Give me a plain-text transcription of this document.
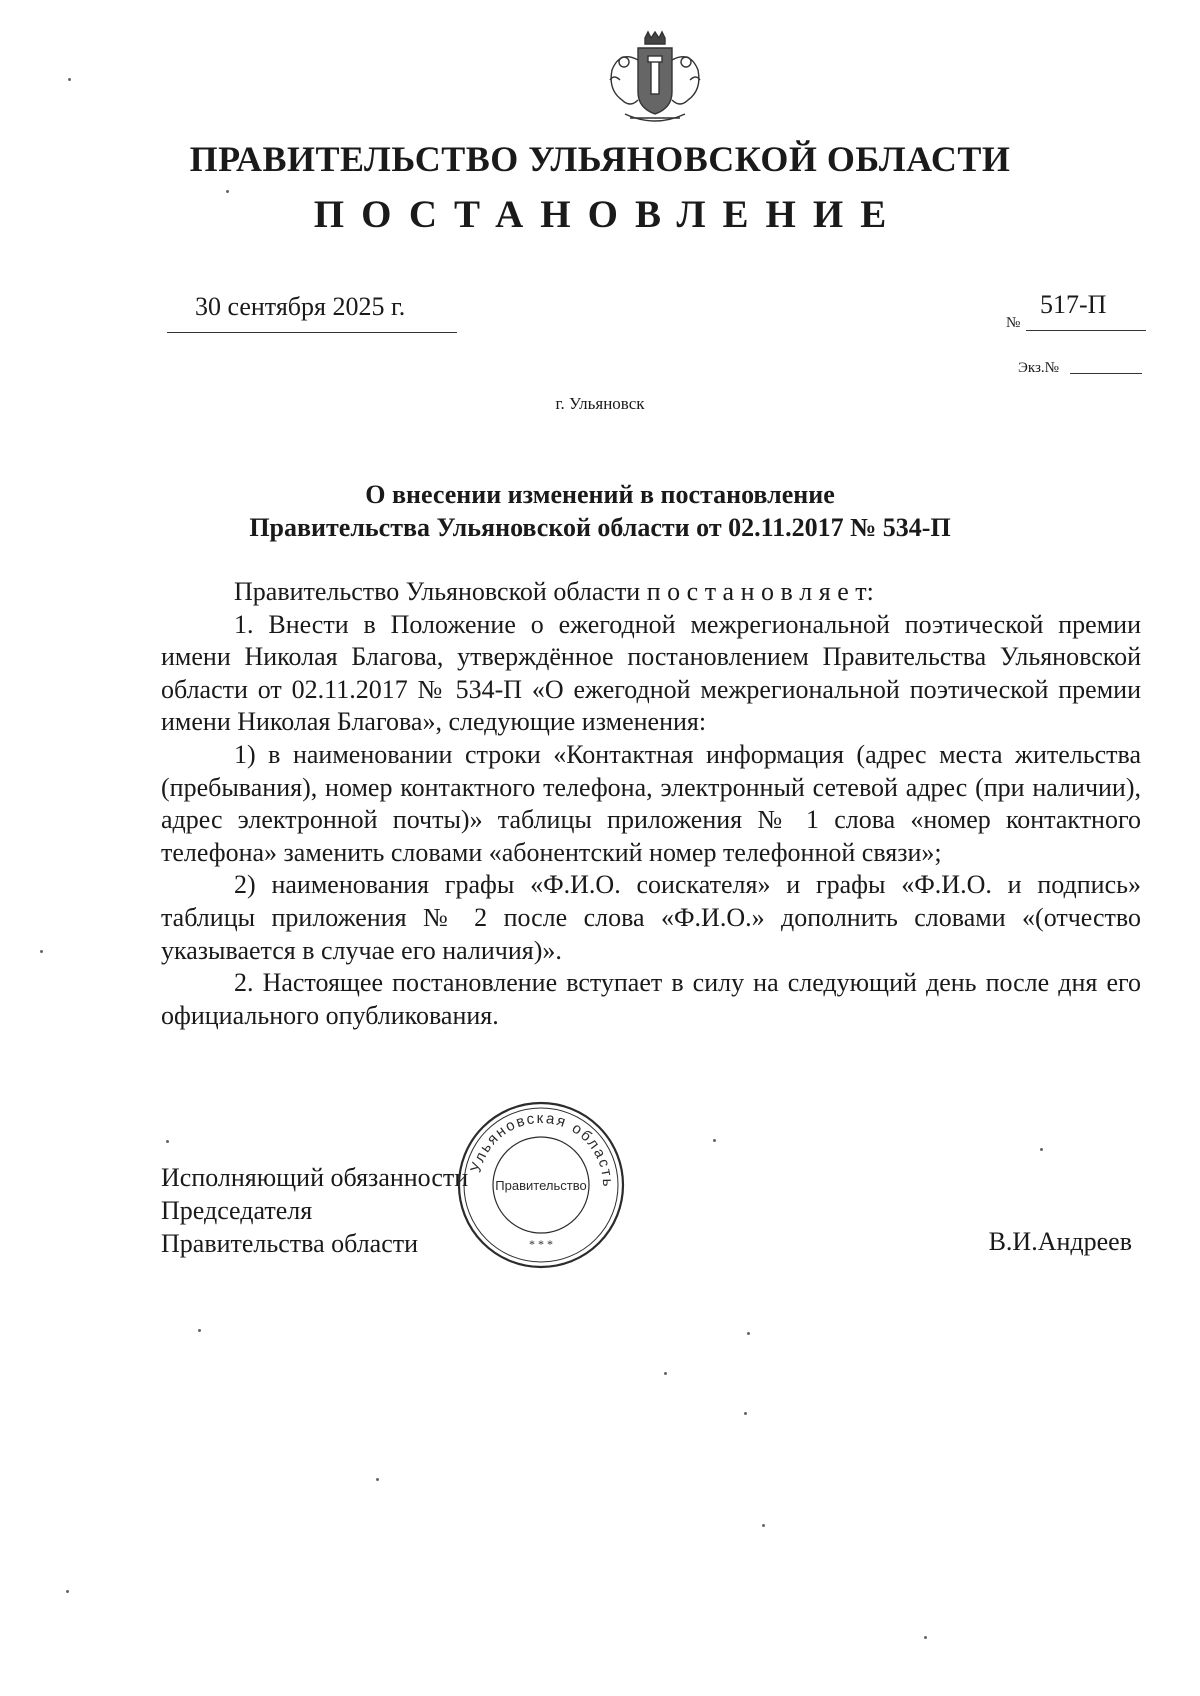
ПРАВИТЕЛЬСТВО УЛЬЯНОВСКОЙ ОБЛАСТИ
ПОСТАНОВЛЕНИЕ
30 сентября 2025 г.
№
517-П
Экз.№
г. Ульяновск
О внесении изменений в постановление
Правительства Ульяновской области от 02.11.2017 № 534-П

Правительство Ульяновской области п о с т а н о в л я е т:

1. Внести в Положение о ежегодной межрегиональной поэтической премии имени Николая Благова, утверждённое постановлением Правительства Ульяновской области от 02.11.2017 № 534-П «О ежегодной межрегиональной поэтической премии имени Николая Благова», следующие изменения:

1) в наименовании строки «Контактная информация (адрес места жительства (пребывания), номер контактного телефона, электронный сетевой адрес (при наличии), адрес электронной почты)» таблицы приложения № 1 слова «номер контактного телефона» заменить словами «абонентский номер телефонной связи»;

2) наименования графы «Ф.И.О. соискателя» и графы «Ф.И.О. и подпись» таблицы приложения № 2 после слова «Ф.И.О.» дополнить словами «(отчество указывается в случае его наличия)».

2. Настоящее постановление вступает в силу на следующий день после дня его официального опубликования.

Исполняющий обязанности
Председателя
Правительства области	В.И.Андреев
Ульяновская область
Правительство
* * *
